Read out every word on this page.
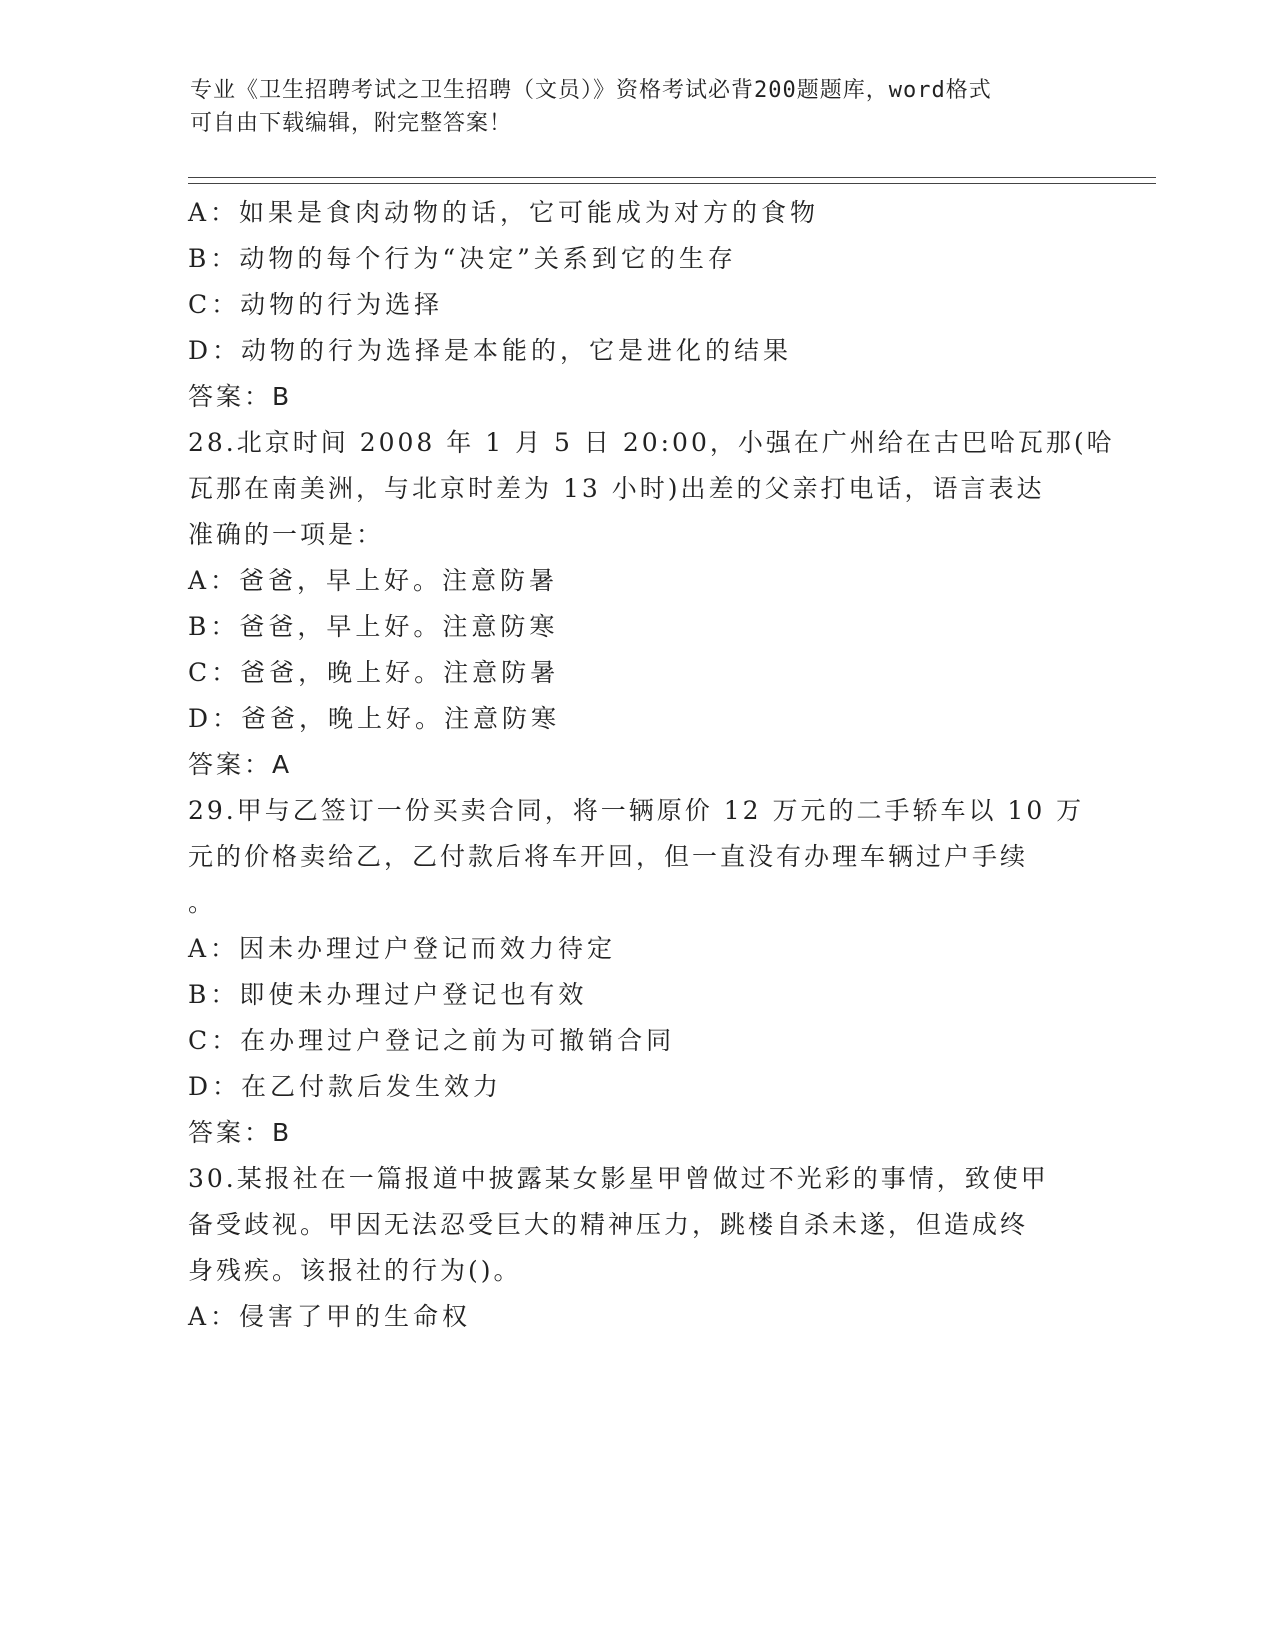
专业《卫生招聘考试之卫生招聘（文员）》资格考试必背200题题库，word格式
可自由下载编辑，附完整答案！

A：如果是食肉动物的话，它可能成为对方的食物

B：动物的每个行为“决定”关系到它的生存

C：动物的行为选择

D：动物的行为选择是本能的，它是进化的结果

答案：B

28.北京时间 2008 年 1 月 5 日 20:00，小强在广州给在古巴哈瓦那(哈

瓦那在南美洲，与北京时差为 13 小时)出差的父亲打电话，语言表达

准确的一项是：

A：爸爸，早上好。注意防暑

B：爸爸，早上好。注意防寒

C：爸爸，晚上好。注意防暑

D：爸爸，晚上好。注意防寒

答案：A

29.甲与乙签订一份买卖合同，将一辆原价 12 万元的二手轿车以 10 万

元的价格卖给乙，乙付款后将车开回，但一直没有办理车辆过户手续

。

A：因未办理过户登记而效力待定

B：即使未办理过户登记也有效

C：在办理过户登记之前为可撤销合同

D：在乙付款后发生效力

答案：B

30.某报社在一篇报道中披露某女影星甲曾做过不光彩的事情，致使甲

备受歧视。甲因无法忍受巨大的精神压力，跳楼自杀未遂，但造成终

身残疾。该报社的行为()。

A：侵害了甲的生命权
